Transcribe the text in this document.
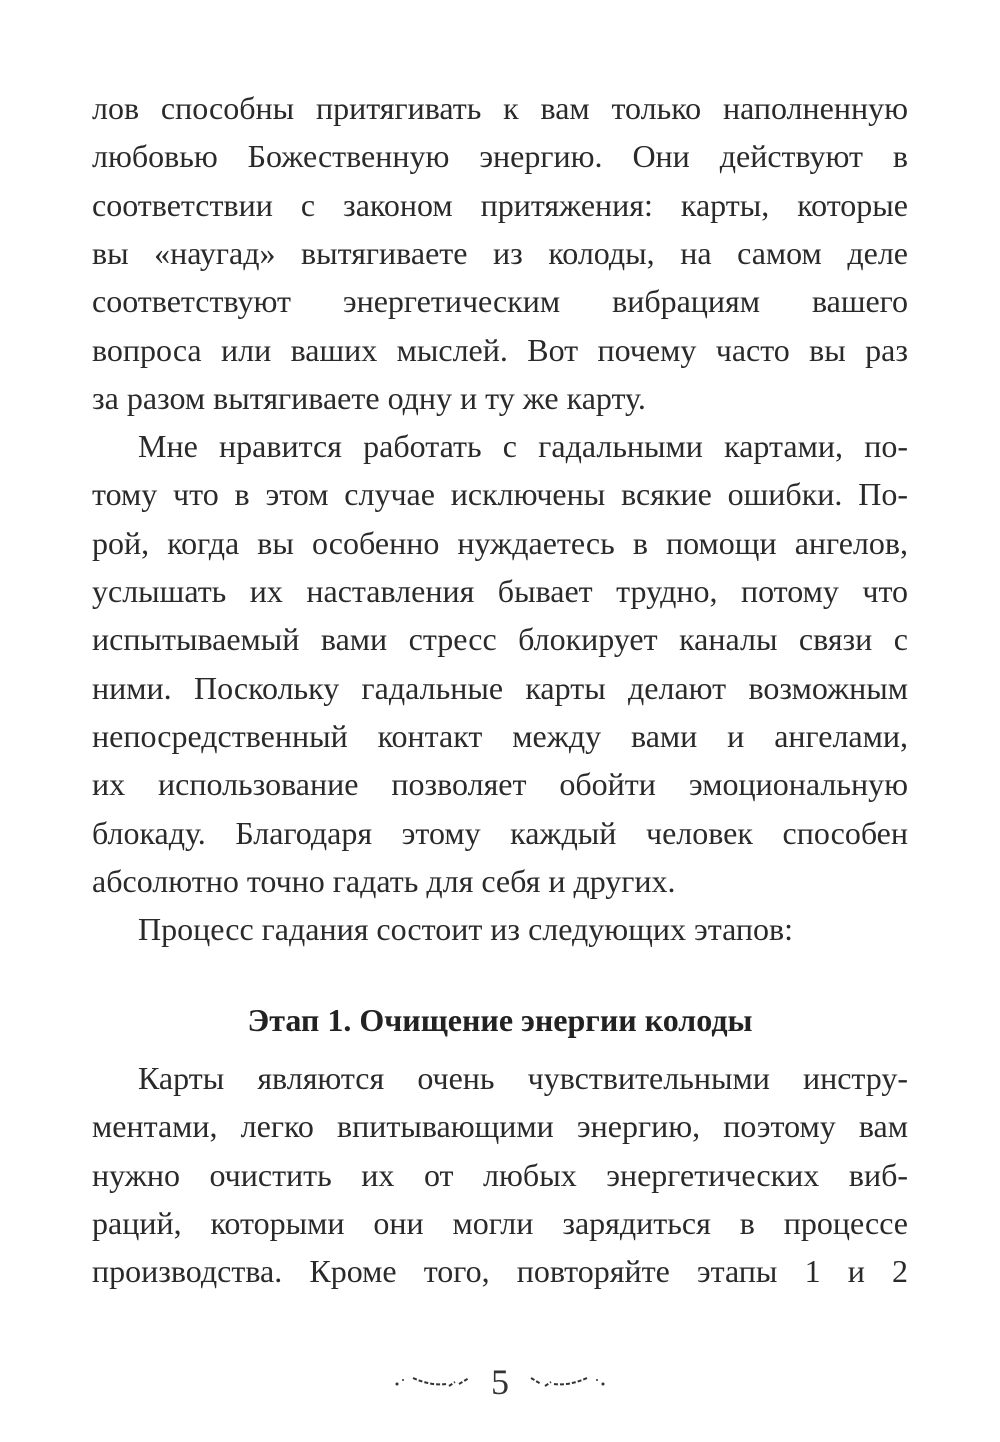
лов способны притягивать к вам только наполненную
любовью Божественную энергию. Они действуют в
соответствии с законом притяжения: карты, которые
вы «наугад» вытягиваете из колоды, на самом деле
соответствуют энергетическим вибрациям вашего
вопроса или ваших мыслей. Вот почему часто вы раз
за разом вытягиваете одну и ту же карту.
Мне нравится работать с гадальными картами, по-
тому что в этом случае исключены всякие ошибки. По-
рой, когда вы особенно нуждаетесь в помощи ангелов,
услышать их наставления бывает трудно, потому что
испытываемый вами стресс блокирует каналы связи с
ними. Поскольку гадальные карты делают возможным
непосредственный контакт между вами и ангелами,
их использование позволяет обойти эмоциональную
блокаду. Благодаря этому каждый человек способен
абсолютно точно гадать для себя и других.
Процесс гадания состоит из следующих этапов:
Карты являются очень чувствительными инстру-
ментами, легко впитывающими энергию, поэтому вам
нужно очистить их от любых энергетических виб-
раций, которыми они могли зарядиться в процессе
производства. Кроме того, повторяйте этапы 1 и 2
Этап 1. Очищение энергии колоды
5
